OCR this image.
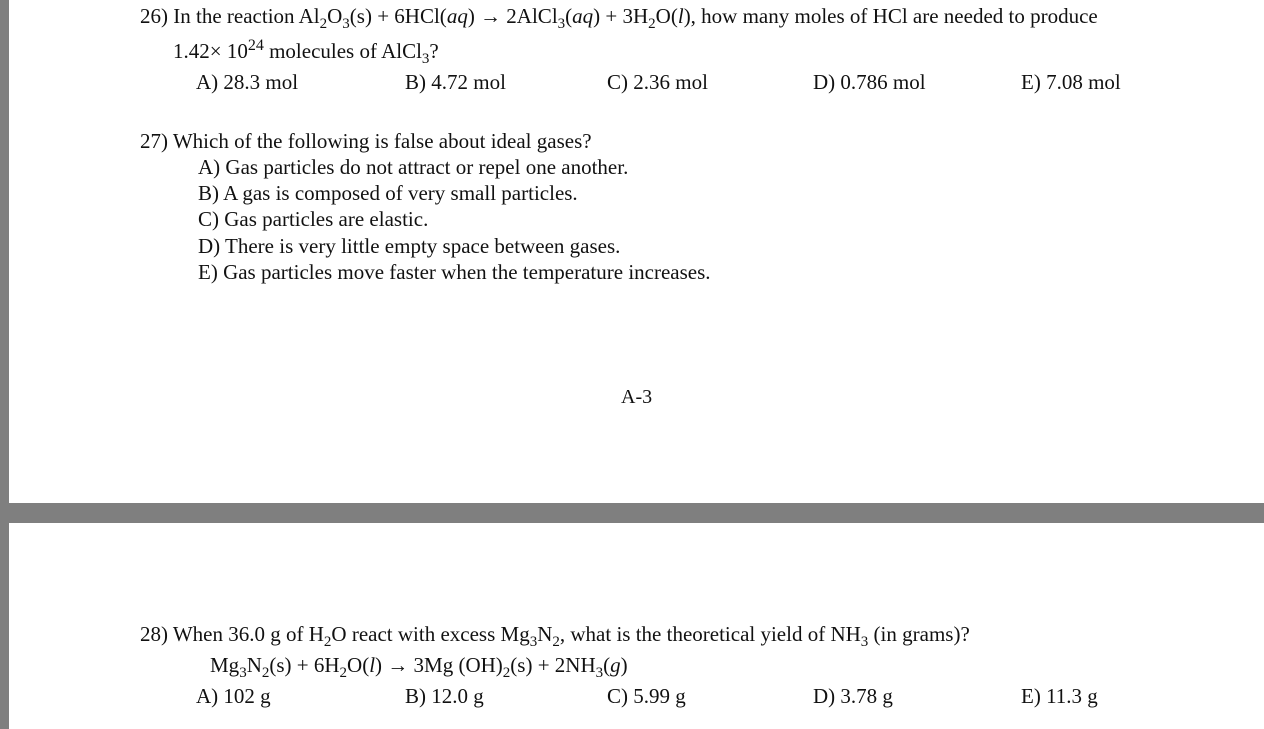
26) In the reaction $Al_2O_3(s) + 6HCl(aq)$ → 2AlCl$_3$(aq) + $3H_2O(l)$, how many moles of HCl are needed to produce
$1.42\times 10^{24}$ molecules of AlCl$_3$?
A) 28.3 mol	B) 4.72 mol	C) 2.36 mol	D) 0.786 mol	E) 7.08 mol
27) Which of the following is false about ideal gases?
A) Gas particles do not attract or repel one another.
B) A gas is composed of very small particles.
C) Gas particles are elastic.
D) There is very little empty space between gases.
E) Gas particles move faster when the temperature increases.
A-3
28) When 36.0 g of $H_2O$ react with excess $Mg_3N_2$, what is the theoretical yield of $NH_3$ (in grams)?
$Mg_3N_2(s) + 6H_2O(l) \to 3Mg$ $(OH)_2(s) + 2NH_3(g)$
A) 102 g	B) 12.0 g	C) 5.99 g	D) 3.78 g	E) 11.3 g
